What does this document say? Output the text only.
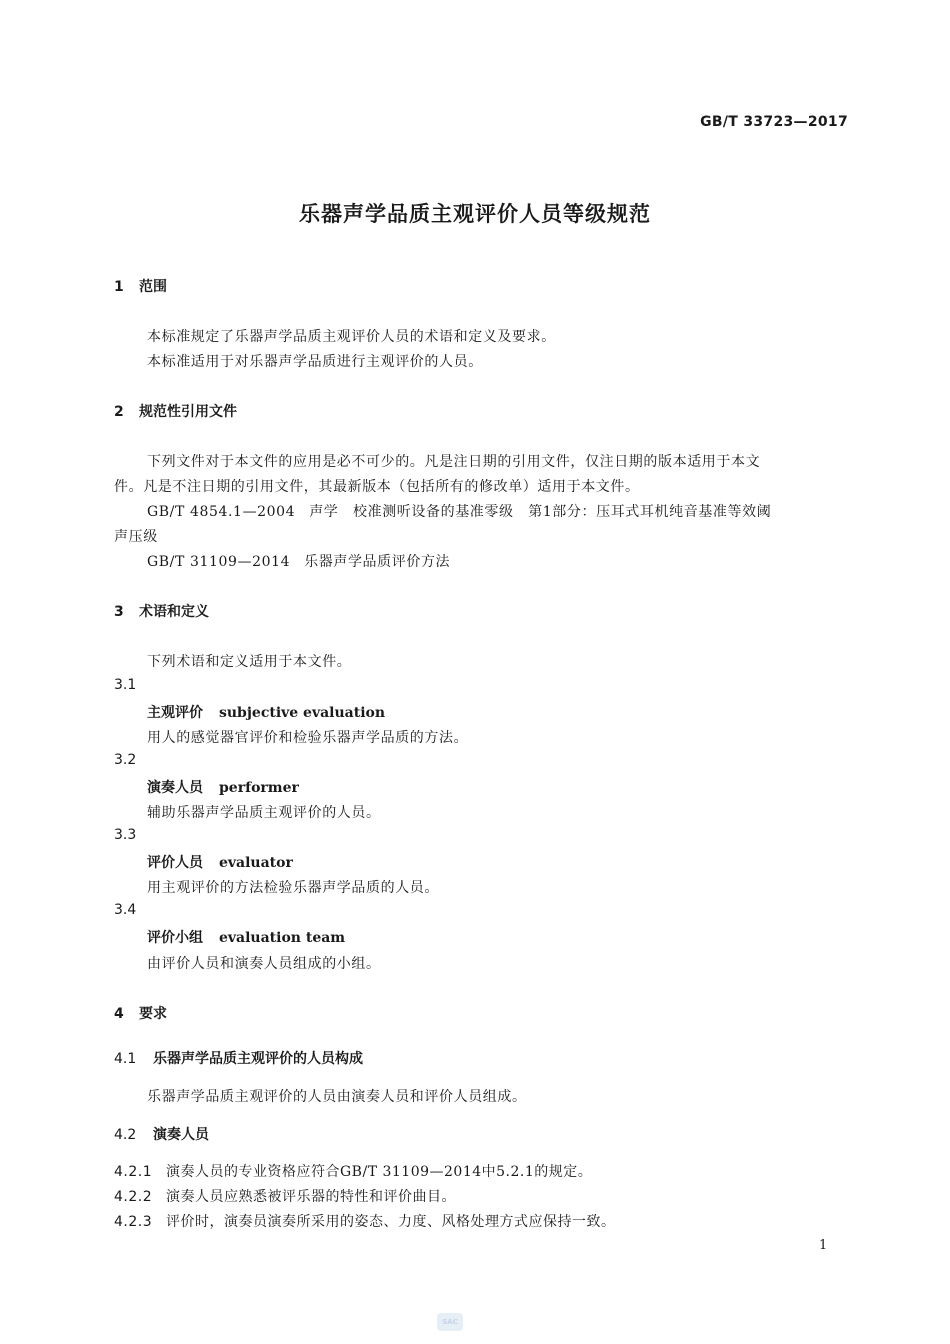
GB/T 33723—2017
乐器声学品质主观评价人员等级规范
1 范围
本标准规定了乐器声学品质主观评价人员的术语和定义及要求。
本标准适用于对乐器声学品质进行主观评价的人员。
2 规范性引用文件
下列文件对于本文件的应用是必不可少的。凡是注日期的引用文件，仅注日期的版本适用于本文
件。凡是不注日期的引用文件，其最新版本（包括所有的修改单）适用于本文件。
GB/T 4854.1—2004 声学　校准测听设备的基准零级　第1部分：压耳式耳机纯音基准等效阈
声压级
GB/T 31109—2014 乐器声学品质评价方法
3 术语和定义
下列术语和定义适用于本文件。
3.1
主观评价 subjective evaluation
用人的感觉器官评价和检验乐器声学品质的方法。
3.2
演奏人员 performer
辅助乐器声学品质主观评价的人员。
3.3
评价人员 evaluator
用主观评价的方法检验乐器声学品质的人员。
3.4
评价小组 evaluation team
由评价人员和演奏人员组成的小组。
4 要求
4.1 乐器声学品质主观评价的人员构成
乐器声学品质主观评价的人员由演奏人员和评价人员组成。
4.2 演奏人员
4.2.1 演奏人员的专业资格应符合GB/T 31109—2014中5.2.1的规定。
4.2.2 演奏人员应熟悉被评乐器的特性和评价曲目。
4.2.3 评价时，演奏员演奏所采用的姿态、力度、风格处理方式应保持一致。
1
SAC
